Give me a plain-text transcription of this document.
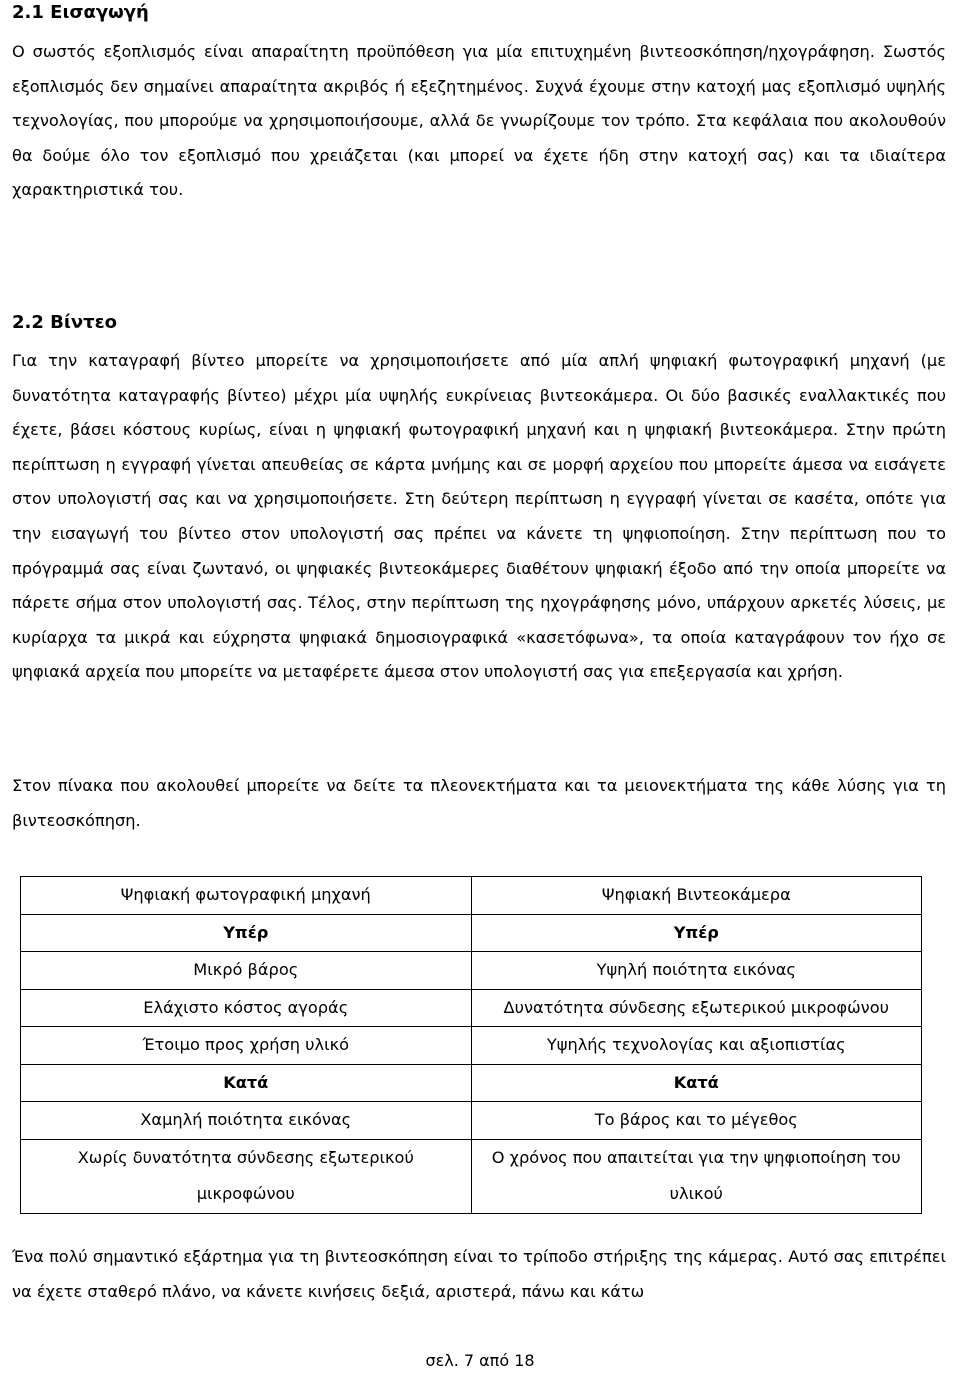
2.1 Εισαγωγή

Ο σωστός εξοπλισμός είναι απαραίτητη προϋπόθεση για μία επιτυχημένη βιντεοσκόπηση/ηχογράφηση. Σωστός εξοπλισμός δεν σημαίνει απαραίτητα ακριβός ή εξεζητημένος. Συχνά έχουμε στην κατοχή μας εξοπλισμό υψηλής τεχνολογίας, που μπορούμε να χρησιμοποιήσουμε, αλλά δε γνωρίζουμε τον τρόπο. Στα κεφάλαια που ακολουθούν θα δούμε όλο τον εξοπλισμό που χρειάζεται (και μπορεί να έχετε ήδη στην κατοχή σας) και τα ιδιαίτερα χαρακτηριστικά του.

2.2 Βίντεο

Για την καταγραφή βίντεο μπορείτε να χρησιμοποιήσετε από μία απλή ψηφιακή φωτογραφική μηχανή (με δυνατότητα καταγραφής βίντεο) μέχρι μία υψηλής ευκρίνειας βιντεοκάμερα. Οι δύο βασικές εναλλακτικές που έχετε, βάσει κόστους κυρίως, είναι η ψηφιακή φωτογραφική μηχανή και η ψηφιακή βιντεοκάμερα. Στην πρώτη περίπτωση η εγγραφή γίνεται απευθείας σε κάρτα μνήμης και σε μορφή αρχείου που μπορείτε άμεσα να εισάγετε στον υπολογιστή σας και να χρησιμοποιήσετε. Στη δεύτερη περίπτωση η εγγραφή γίνεται σε κασέτα, οπότε για την εισαγωγή του βίντεο στον υπολογιστή σας πρέπει να κάνετε τη ψηφιοποίηση. Στην περίπτωση που το πρόγραμμά σας είναι ζωντανό, οι ψηφιακές βιντεοκάμερες διαθέτουν ψηφιακή έξοδο από την οποία μπορείτε να πάρετε σήμα στον υπολογιστή σας. Τέλος, στην περίπτωση της ηχογράφησης μόνο, υπάρχουν αρκετές λύσεις, με κυρίαρχα τα μικρά και εύχρηστα ψηφιακά δημοσιογραφικά «κασετόφωνα», τα οποία καταγράφουν τον ήχο σε ψηφιακά αρχεία που μπορείτε να μεταφέρετε άμεσα στον υπολογιστή σας για επεξεργασία και χρήση.

Στον πίνακα που ακολουθεί μπορείτε να δείτε τα πλεονεκτήματα και τα μειονεκτήματα της κάθε λύσης για τη βιντεοσκόπηση.

Ψηφιακή φωτογραφική μηχανή	Ψηφιακή Βιντεοκάμερα
Υπέρ	Υπέρ
Μικρό βάρος	Υψηλή ποιότητα εικόνας
Ελάχιστο κόστος αγοράς	Δυνατότητα σύνδεσης εξωτερικού μικροφώνου
Έτοιμο προς χρήση υλικό	Υψηλής τεχνολογίας και αξιοπιστίας
Κατά	Κατά
Χαμηλή ποιότητα εικόνας	Το βάρος και το μέγεθος
Χωρίς δυνατότητα σύνδεσης εξωτερικού μικροφώνου	Ο χρόνος που απαιτείται για την ψηφιοποίηση του υλικού

Ένα πολύ σημαντικό εξάρτημα για τη βιντεοσκόπηση είναι το τρίποδο στήριξης της κάμερας. Αυτό σας επιτρέπει να έχετε σταθερό πλάνο, να κάνετε κινήσεις δεξιά, αριστερά, πάνω και κάτω

σελ. 7 από 18
